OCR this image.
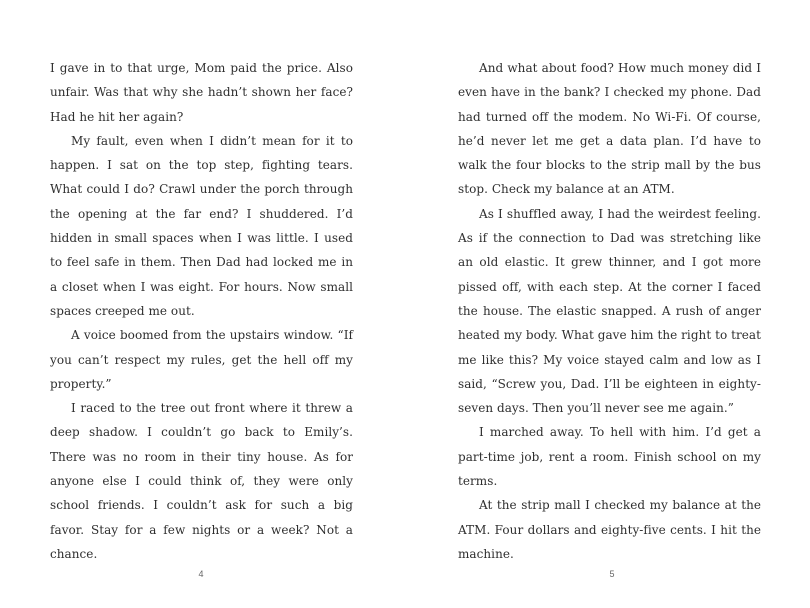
I gave in to that urge, Mom paid the price. Also unfair. Was that why she hadn’t shown her face? Had he hit her again?

My fault, even when I didn’t mean for it to happen. I sat on the top step, fighting tears. What could I do? Crawl under the porch through the opening at the far end? I shuddered. I’d hidden in small spaces when I was little. I used to feel safe in them. Then Dad had locked me in a closet when I was eight. For hours. Now small spaces creeped me out.

A voice boomed from the upstairs window. “If you can’t respect my rules, get the hell off my property.”

I raced to the tree out front where it threw a deep shadow. I couldn’t go back to Emily’s. There was no room in their tiny house. As for anyone else I could think of, they were only school friends. I couldn’t ask for such a big favor. Stay for a few nights or a week? Not a chance.

4

And what about food? How much money did I even have in the bank? I checked my phone. Dad had turned off the modem. No Wi-Fi. Of course, he’d never let me get a data plan. I’d have to walk the four blocks to the strip mall by the bus stop. Check my balance at an ATM.

As I shuffled away, I had the weirdest feeling. As if the connection to Dad was stretching like an old elastic. It grew thinner, and I got more pissed off, with each step. At the corner I faced the house. The elastic snapped. A rush of anger heated my body. What gave him the right to treat me like this? My voice stayed calm and low as I said, “Screw you, Dad. I’ll be eighteen in eighty-seven days. Then you’ll never see me again.”

I marched away. To hell with him. I’d get a part-time job, rent a room. Finish school on my terms.

At the strip mall I checked my balance at the ATM. Four dollars and eighty-five cents. I hit the machine.

5
